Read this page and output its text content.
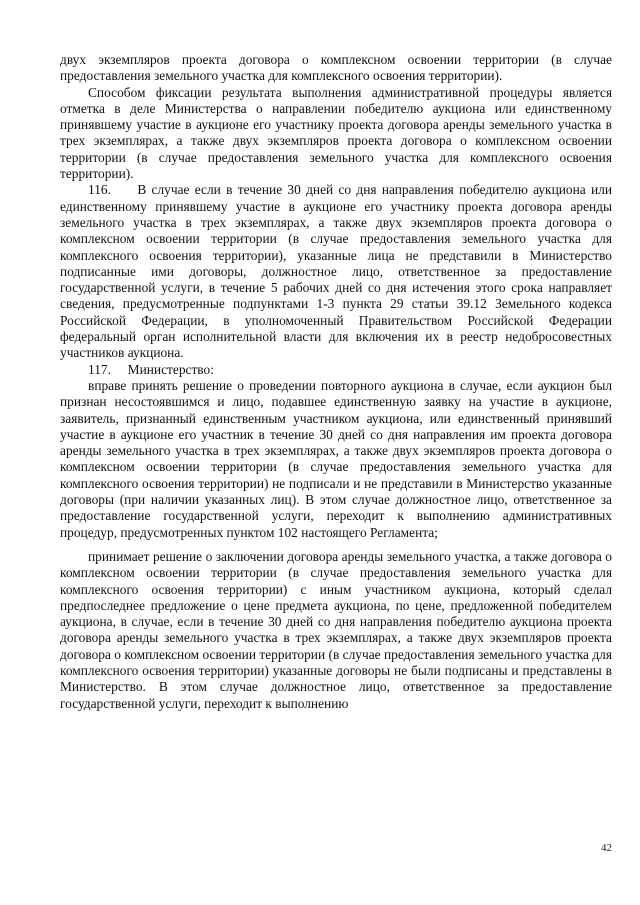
двух экземпляров проекта договора о комплексном освоении территории (в случае предоставления земельного участка для комплексного освоения территории).

Способом фиксации результата выполнения административной процедуры является отметка в деле Министерства о направлении победителю аукциона или единственному принявшему участие в аукционе его участнику проекта договора аренды земельного участка в трех экземплярах, а также двух экземпляров проекта договора о комплексном освоении территории (в случае предоставления земельного участка для комплексного освоения территории).

116.     В случае если в течение 30 дней со дня направления победителю аукциона или единственному принявшему участие в аукционе его участнику проекта договора аренды земельного участка в трех экземплярах, а также двух экземпляров проекта договора о комплексном освоении территории (в случае предоставления земельного участка для комплексного освоения территории), указанные лица не представили в Министерство подписанные ими договоры, должностное лицо, ответственное за предоставление государственной услуги, в течение 5 рабочих дней со дня истечения этого срока направляет сведения, предусмотренные подпунктами 1-3 пункта 29 статьи 39.12 Земельного кодекса Российской Федерации, в уполномоченный Правительством Российской Федерации федеральный орган исполнительной власти для включения их в реестр недобросовестных участников аукциона.

117.     Министерство:

вправе принять решение о проведении повторного аукциона в случае, если аукцион был признан несостоявшимся и лицо, подавшее единственную заявку на участие в аукционе, заявитель, признанный единственным участником аукциона, или единственный принявший участие в аукционе его участник в течение 30 дней со дня направления им проекта договора аренды земельного участка в трех экземплярах, а также двух экземпляров проекта договора о комплексном освоении территории (в случае предоставления земельного участка для комплексного освоения территории) не подписали и не представили в Министерство указанные договоры (при наличии указанных лиц). В этом случае должностное лицо, ответственное за предоставление государственной услуги, переходит к выполнению административных процедур, предусмотренных пунктом 102 настоящего Регламента;

принимает решение о заключении договора аренды земельного участка, а также договора о комплексном освоении территории (в случае предоставления земельного участка для комплексного освоения территории) с иным участником аукциона, который сделал предпоследнее предложение о цене предмета аукциона, по цене, предложенной победителем аукциона, в случае, если в течение 30 дней со дня направления победителю аукциона проекта договора аренды земельного участка в трех экземплярах, а также двух экземпляров проекта договора о комплексном освоении территории (в случае предоставления земельного участка для комплексного освоения территории) указанные договоры не были подписаны и представлены в Министерство. В этом случае должностное лицо, ответственное за предоставление государственной услуги, переходит к выполнению

42
